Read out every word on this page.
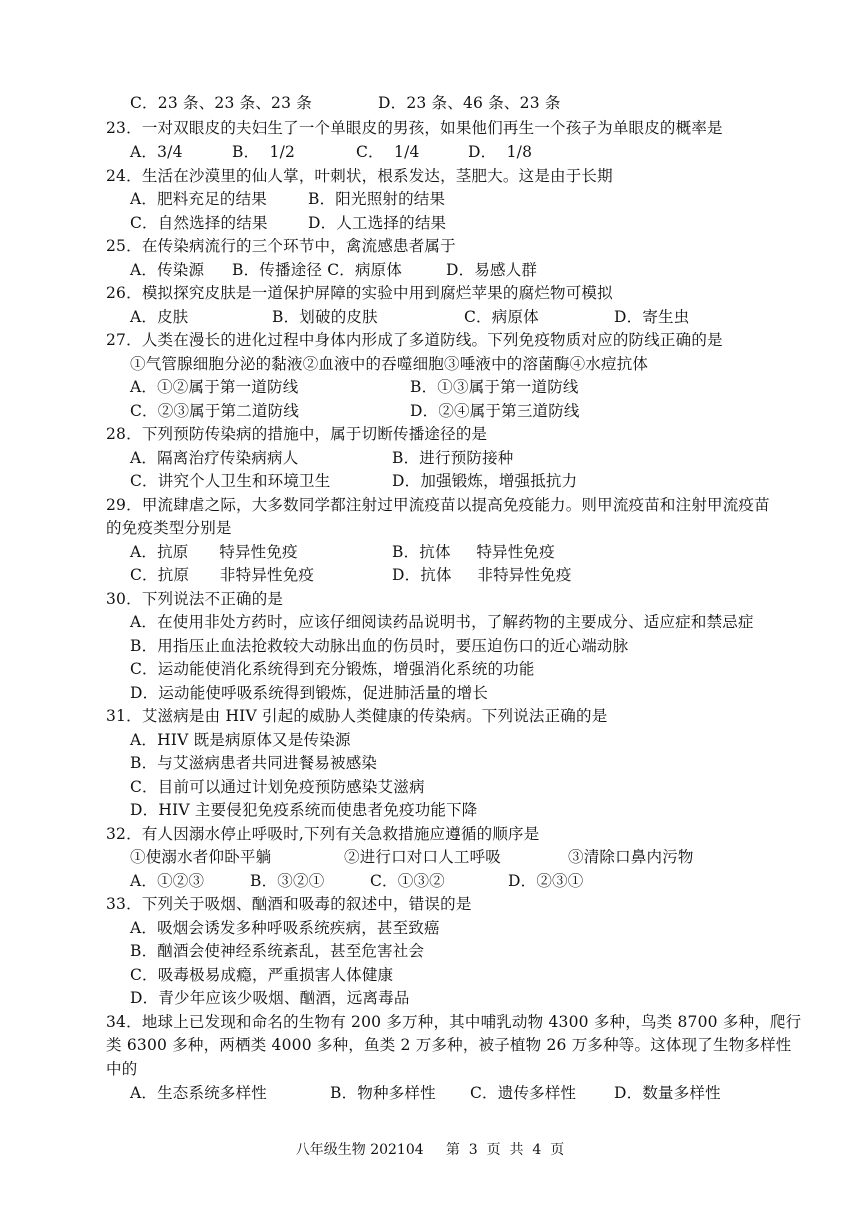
C．23 条、23 条、23 条

	D．23 条、46 条、23 条

23．一对双眼皮的夫妇生了一个单眼皮的男孩，如果他们再生一个孩子为单眼皮的概率是

A．3/4

	B．  1/2

	C．  1/4

	D．  1/8

24．生活在沙漠里的仙人掌，叶刺状，根系发达，茎肥大。这是由于长期

A．肥料充足的结果

	B．阳光照射的结果

C．自然选择的结果

	D．人工选择的结果

25．在传染病流行的三个环节中，禽流感患者属于

A．传染源

B．传播途径 C．病原体

	D．易感人群

26．模拟探究皮肤是一道保护屏障的实验中用到腐烂苹果的腐烂物可模拟

A．皮肤

	B．划破的皮肤

	C．病原体

	D．寄生虫

27．人类在漫长的进化过程中身体内形成了多道防线。下列免疫物质对应的防线正确的是
①气管腺细胞分泌的黏液②血液中的吞噬细胞③唾液中的溶菌酶④水痘抗体

A．①②属于第一道防线

	B．①③属于第一道防线

C．②③属于第二道防线

	D．②④属于第三道防线

28．下列预防传染病的措施中，属于切断传播途径的是

A．隔离治疗传染病病人

	B．进行预防接种

C．讲究个人卫生和环境卫生

	D．加强锻炼，增强抵抗力

29．甲流肆虐之际，大多数同学都注射过甲流疫苗以提高免疫能力。则甲流疫苗和注射甲流疫苗
的免疫类型分别是

A．抗原      特异性免疫

	B．抗体     特异性免疫

C．抗原      非特异性免疫

	D．抗体     非特异性免疫

30．下列说法不正确的是
A．在使用非处方药时，应该仔细阅读药品说明书，了解药物的主要成分、适应症和禁忌症
B．用指压止血法抢救较大动脉出血的伤员时，要压迫伤口的近心端动脉
C．运动能使消化系统得到充分锻炼，增强消化系统的功能
D．运动能使呼吸系统得到锻炼，促进肺活量的增长
31．艾滋病是由 HIV 引起的威胁人类健康的传染病。下列说法正确的是
A．HIV 既是病原体又是传染源
B．与艾滋病患者共同进餐易被感染
C．目前可以通过计划免疫预防感染艾滋病
D．HIV 主要侵犯免疫系统而使患者免疫功能下降
32．有人因溺水停止呼吸时,下列有关急救措施应遵循的顺序是

①使溺水者仰卧平躺

	②进行口对口人工呼吸

	③清除口鼻内污物

A．①②③

	B．③②①

	C．①③②

	D．②③①

33．下列关于吸烟、酗酒和吸毒的叙述中，错误的是
A．吸烟会诱发多种呼吸系统疾病，甚至致癌
B．酗酒会使神经系统紊乱，甚至危害社会
C．吸毒极易成瘾，严重损害人体健康
D．青少年应该少吸烟、酗酒，远离毒品
34．地球上已发现和命名的生物有 200 多万种，其中哺乳动物 4300 多种，鸟类 8700 多种，爬行
类 6300 多种，两栖类 4000 多种，鱼类 2 万多种，被子植物 26 万多种等。这体现了生物多样性
中的

A．生态系统多样性

	B．物种多样性

C．遗传多样性

D．数量多样性

八年级生物 202104     第  3  页  共  4  页
